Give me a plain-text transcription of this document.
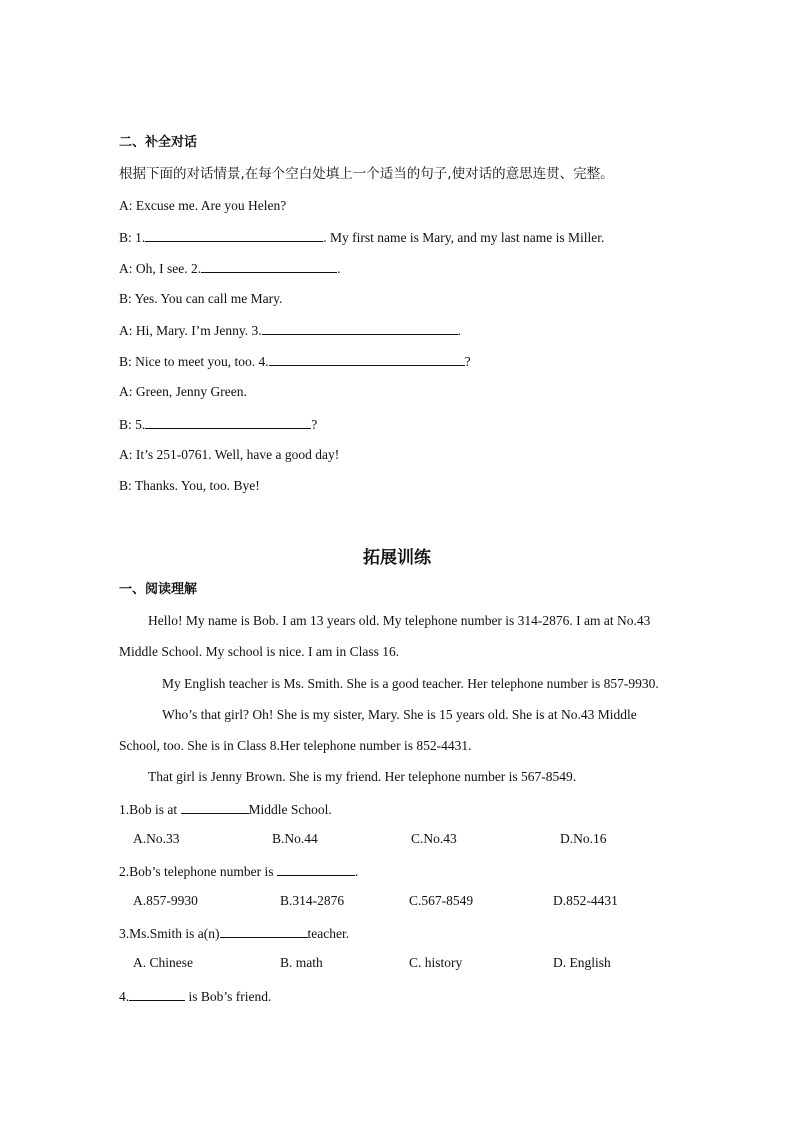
二、补全对话
根据下面的对话情景,在每个空白处填上一个适当的句子,使对话的意思连贯、完整。
A: Excuse me. Are you Helen?
B: 1.	. My first name is Mary, and my last name is Miller.
A: Oh, I see. 2.	.
B: Yes. You can call me Mary.
A: Hi, Mary. I’m Jenny. 3.	.
B: Nice to meet you, too. 4.	?
A: Green, Jenny Green.
B: 5.	?
A: It’s 251-0761. Well, have a good day!
B: Thanks. You, too. Bye!
拓展训练
一、阅读理解
Hello! My name is Bob. I am 13 years old. My telephone number is 314-2876. I am at No.43
Middle School. My school is nice. I am in Class 16.
My English teacher is Ms. Smith. She is a good teacher. Her telephone number is 857-9930.
Who’s that girl? Oh! She is my sister, Mary. She is 15 years old. She is at No.43 Middle
School, too. She is in Class 8.Her telephone number is 852-4431.
That girl is Jenny Brown. She is my friend. Her telephone number is 567-8549.
1.Bob is at	Middle School.
A.No.33	B.No.44	C.No.43	D.No.16
2.Bob’s telephone number is	.
A.857-9930	B.314-2876	C.567-8549	D.852-4431
3.Ms.Smith is a(n)	teacher.
A. Chinese	B. math	C. history	D. English
4.	is Bob’s friend.
